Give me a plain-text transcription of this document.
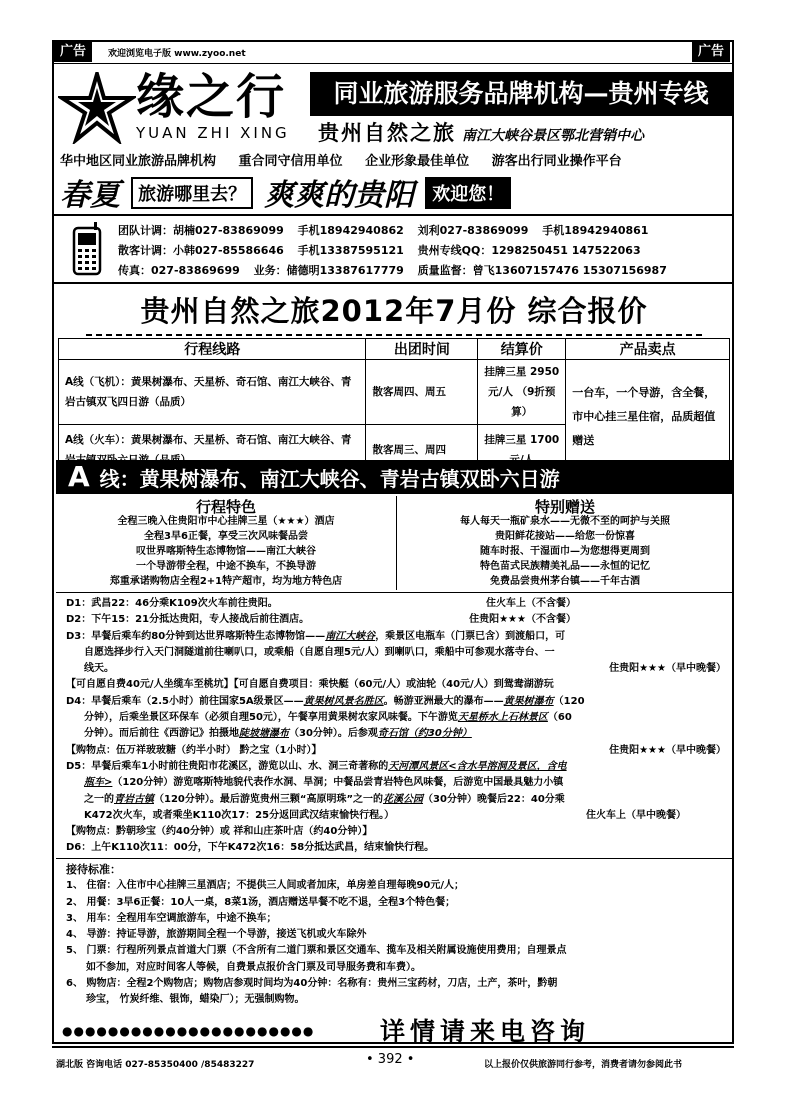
广告	广告
欢迎浏览电子版 www.zyoo.net
缘之行
YUAN ZHI XING
同业旅游服务品牌机构—贵州专线
贵州自然之旅 南江大峡谷景区鄂北营销中心
华中地区同业旅游品牌机构 重合同守信用单位 企业形象最佳单位 游客出行同业操作平台
春夏 旅游哪里去？ 爽爽的贵阳 欢迎您！
团队计调：胡楠027-83869099 手机18942940862 刘利027-83869099 手机18942940861
散客计调：小韩027-85586646 手机13387595121 贵州专线QQ：1298250451 147522063
传真：027-83869699 业务：储德明13387617779 质量监督：曾飞13607157476 15307156987
贵州自然之旅2012年7月份 综合报价
行程线路	出团时间	结算价	产品卖点
A线（飞机）：黄果树瀑布、天星桥、奇石馆、南江大峡谷、青岩古镇双飞四日游（品质）	散客周四、周五	挂牌三星 2950元/人 （9折预算）	一台车，一个导游，含全餐，市中心挂三星住宿，品质超值赠送
A线（火车）：黄果树瀑布、天星桥、奇石馆、南江大峡谷、青	散客周三、周四	挂牌三星 1700	
A 线：黄果树瀑布、南江大峡谷、青岩古镇双卧六日游
行程特色	特别赠送
全程三晚入住贵阳市中心挂牌三星（★★★）酒店
全程3早6正餐，享受三次风味餐品尝
叹世界喀斯特生态博物馆——南江大峡谷
一个导游带全程，中途不换车，不换导游
郑重承诺购物店全程2+1特产超市，均为地方特色店
每人每天一瓶矿泉水——无微不至的呵护与关照
贵阳鲜花接站——给您一份惊喜
随车时报、干湿面巾—为您想得更周到
特色苗式民族精美礼品——永恒的记忆
免费品尝贵州茅台镇——千年古酒
D1：武昌22：46分乘K109次火车前往贵阳。	住火车上（不含餐）
D2：下午15：21分抵达贵阳，专人接战后前往酒店。	住贵阳★★★（不含餐）
D3：早餐后乘车约80分钟到达世界喀斯特生态博物馆——南江大峡谷，乘景区电瓶车（门票已含）到渡船口，可
自愿选择步行入天门洞隧道前往喇叭口，或乘船（自愿自理5元/人）到喇叭口，乘船中可参观水落寺台、一
线天。	住贵阳★★★（早中晚餐）
【可自愿自费40元/人坐缆车至桃坑】【可自愿自费项目：乘快艇（60元/人）或油轮（40元/人）到鸳鸯湖游玩
D4：早餐后乘车（2.5小时）前往国家5A级景区——黄果树风景名胜区。畅游亚洲最大的瀑布——黄果树瀑布（120
分钟），后乘坐景区环保车（必须自理50元），午餐享用黄果树农家风味餐。下午游览天星桥水上石林景区（60
分钟）。而后前往《西游记》拍摄地陡坡塘瀑布（30分钟）。后参观奇石馆（约30分钟）
【购物点：伍万祥玻玻糖（约半小时） 黔之宝（1小时）】	住贵阳★★★（早中晚餐）
D5：早餐后乘车1小时前往贵阳市花溪区，游览以山、水、洞三奇著称的天河潭风景区<含水旱溶洞及景区，含电
瓶车>（120分钟）游览喀斯特地貌代表作水洞、旱洞；中餐品尝青岩特色风味餐，后游览中国最具魅力小镇
之一的青岩古镇（120分钟）。最后游览贵州三颗“高原明珠”之一的花溪公园（30分钟）晚餐后22：40分乘
K472次火车，或者乘坐K110次17：25分返回武汉结束愉快行程。）	住火车上（早中晚餐）
【购物点：黔朝珍宝（约40分钟）或 祥和山庄茶叶店（约40分钟）】
D6：上午K110次11：00分，下午K472次16：58分抵达武昌，结束愉快行程。
接待标准：
1、 住宿：入住市中心挂牌三星酒店；不提供三人间或者加床，单房差自理每晚90元/人；
2、 用餐：3早6正餐：10人一桌，8菜1汤，酒店赠送早餐不吃不退，全程3个特色餐；
3、 用车：全程用车空调旅游车，中途不换车；
4、 导游：持证导游，旅游期间全程一个导游，接送飞机或火车除外
5、 门票：行程所列景点首道大门票（不含所有二道门票和景区交通车、揽车及相关附属设施使用费用；自理景点
如不参加，对应时间客人等候，自费景点报价含门票及司导服务费和车费）。
6、 购物店：全程2个购物店；购物店参观时间均为40分钟：名称有：贵州三宝药材，刀店，土产，茶叶，黔朝
珍宝， 竹炭纤维、银饰，蜡染厂）；无强制购物。
●●●●●●●●●●●●●●●●●●●●●●	详情请来电咨询
湖北版 咨询电话 027-85350400 /85483227	• 392 •	以上报价仅供旅游同行参考，消费者请勿参阅此书
